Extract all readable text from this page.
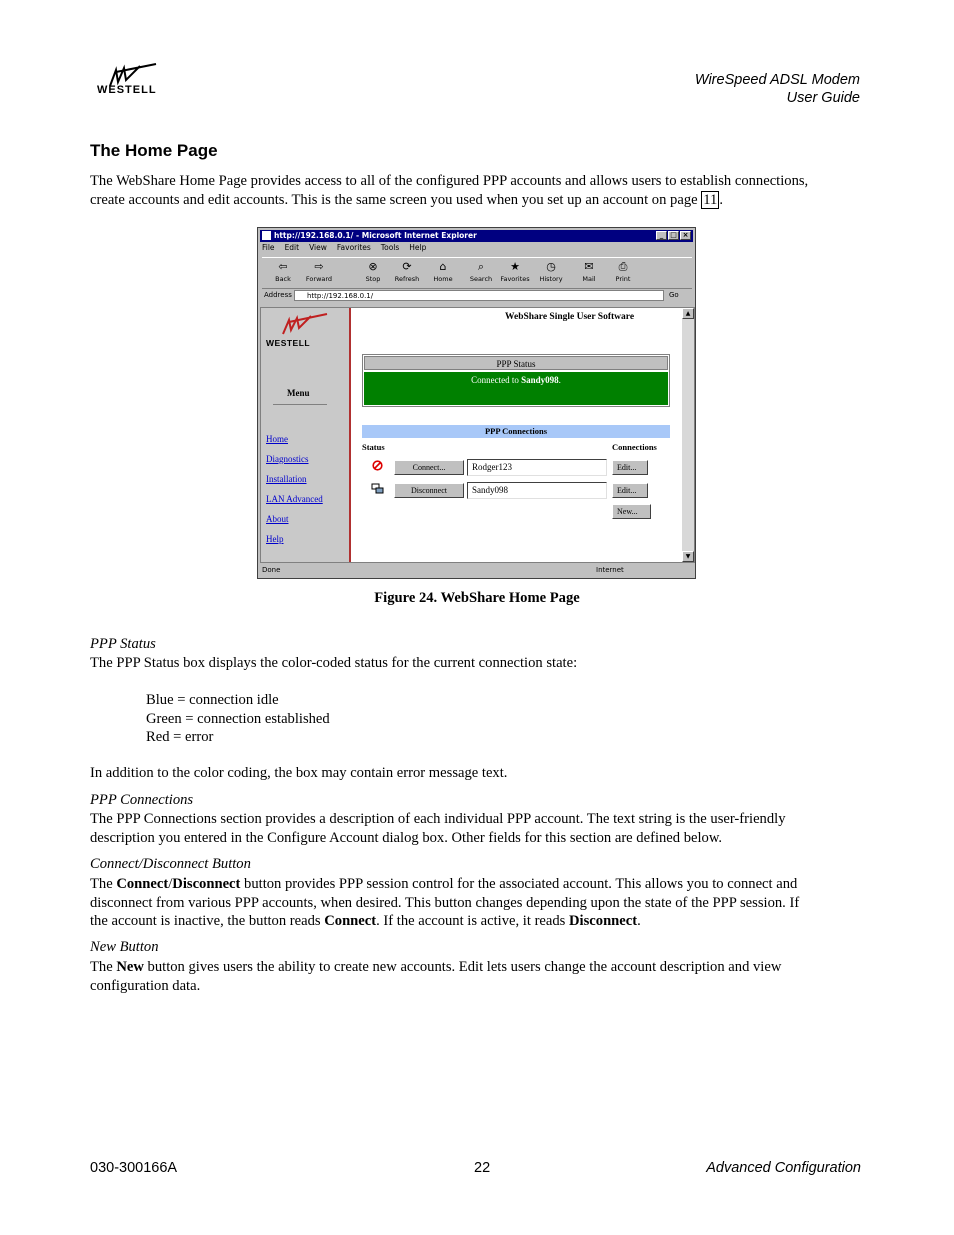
WESTELL
WireSpeed ADSL Modem
User Guide
The Home Page
The WebShare Home Page provides access to all of the configured PPP accounts and allows users to establish connections,
create accounts and edit accounts. This is the same screen you used when you set up an account on page 11 .
http://192.168.0.1/ - Microsoft Internet Explorer	_ □ ×
File Edit View Favorites Tools Help
⇦
Back
⇨
Forward
⊗
Stop
⟳
Refresh
⌂
Home
⌕
Search
★
Favorites
◷
History
✉
Mail
⎙
Print
Address	http://192.168.0.1/	Go
WESTELL
Menu
Home
Diagnostics
Installation
LAN Advanced
About
Help
WebShare Single User Software
PPP Status
Connected to Sandy098.
PPP Connections
Status	Connections
Connect...	Rodger123	Edit...
Disconnect	Sandy098	Edit...
New...
▲
▼
Done	Internet
Figure 24. WebShare Home Page
PPP Status
The PPP Status box displays the color-coded status for the current connection state:
Blue = connection idle
Green = connection established
Red = error
In addition to the color coding, the box may contain error message text.
PPP Connections
The PPP Connections section provides a description of each individual PPP account. The text string is the user-friendly
description you entered in the Configure Account dialog box. Other fields for this section are defined below.
Connect/Disconnect Button
The Connect/Disconnect button provides PPP session control for the associated account. This allows you to connect and
disconnect from various PPP accounts, when desired. This button changes depending upon the state of the PPP session. If
the account is inactive, the button reads Connect. If the account is active, it reads Disconnect.
New Button
The New button gives users the ability to create new accounts. Edit lets users change the account description and view
configuration data.
030-300166A	22	Advanced Configuration
